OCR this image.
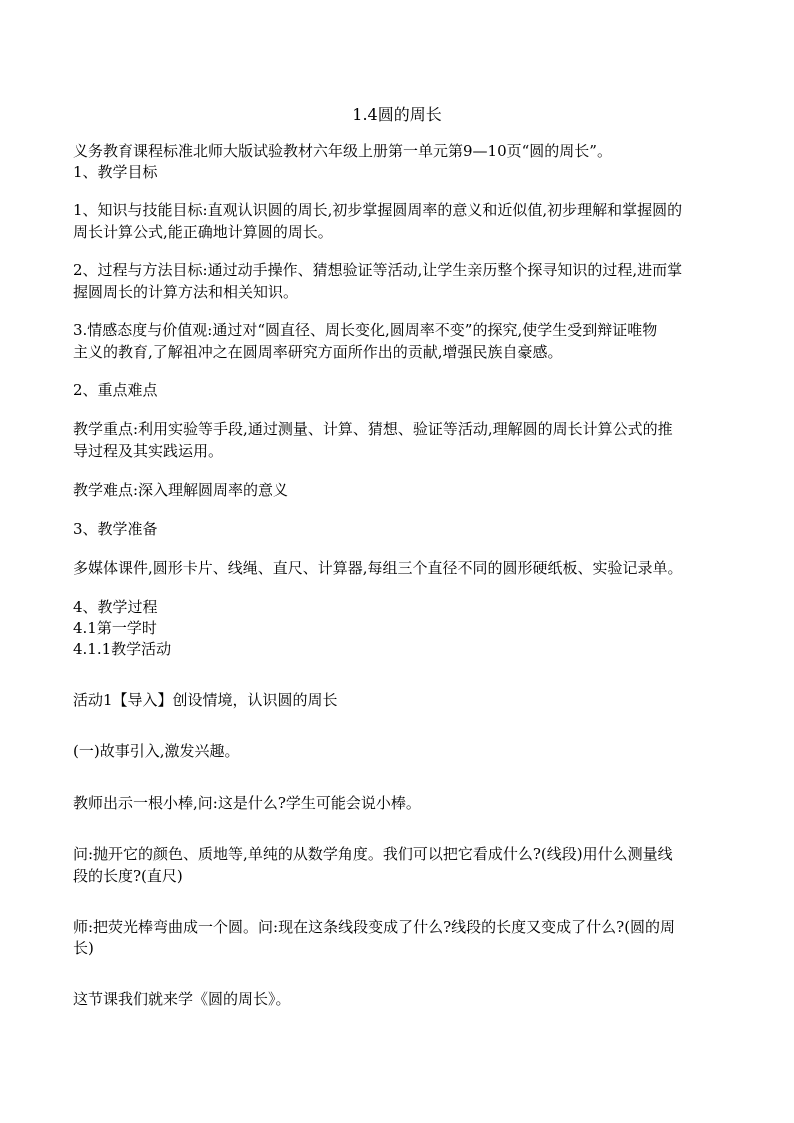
1.4圆的周长
义务教育课程标准北师大版试验教材六年级上册第一单元第9—10页“圆的周长”。
1、教学目标
1、知识与技能目标:直观认识圆的周长,初步掌握圆周率的意义和近似值,初步理解和掌握圆的
周长计算公式,能正确地计算圆的周长。
2、过程与方法目标:通过动手操作、猜想验证等活动,让学生亲历整个探寻知识的过程,进而掌
握圆周长的计算方法和相关知识。
3.情感态度与价值观:通过对“圆直径、周长变化,圆周率不变”的探究,使学生受到辩证唯物
主义的教育,了解祖冲之在圆周率研究方面所作出的贡献,增强民族自豪感。
2、重点难点
教学重点:利用实验等手段,通过测量、计算、猜想、验证等活动,理解圆的周长计算公式的推
导过程及其实践运用。
教学难点:深入理解圆周率的意义
3、教学准备
多媒体课件,圆形卡片、线绳、直尺、计算器,每组三个直径不同的圆形硬纸板、实验记录单。
4、教学过程
4.1第一学时
4.1.1教学活动
活动1【导入】创设情境，认识圆的周长
(一)故事引入,激发兴趣。
教师出示一根小棒,问:这是什么?学生可能会说小棒。
问:抛开它的颜色、质地等,单纯的从数学角度。我们可以把它看成什么?(线段)用什么测量线
段的长度?(直尺)
师:把荧光棒弯曲成一个圆。问:现在这条线段变成了什么?线段的长度又变成了什么?(圆的周
长)
这节课我们就来学《圆的周长》。
